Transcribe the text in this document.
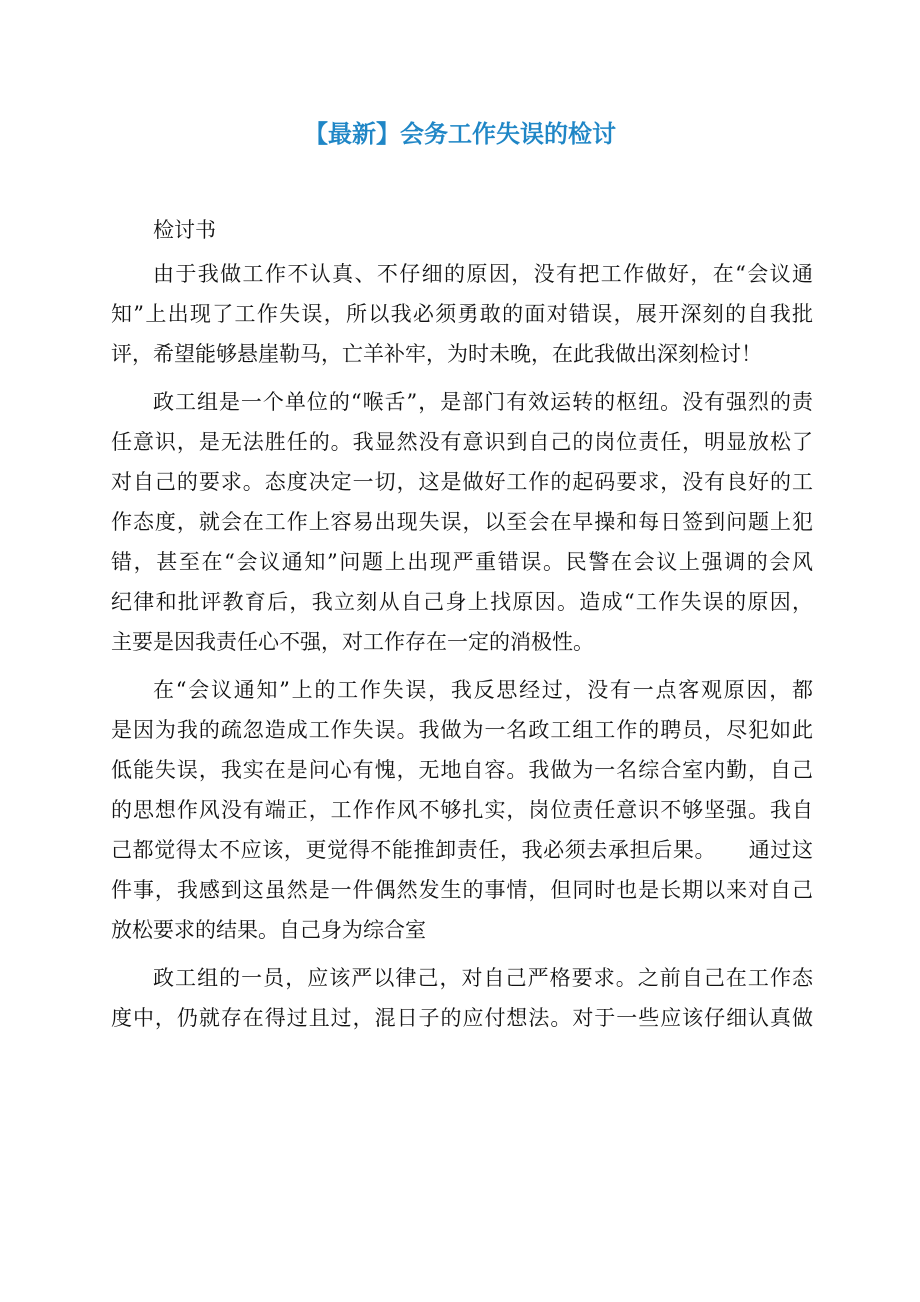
【最新】会务工作失误的检讨
检讨书
由于我做工作不认真、不仔细的原因，没有把工作做好，在“会议通
知”上出现了工作失误，所以我必须勇敢的面对错误，展开深刻的自我批
评，希望能够悬崖勒马，亡羊补牢，为时未晚，在此我做出深刻检讨！
政工组是一个单位的“喉舌”，是部门有效运转的枢纽。没有强烈的责
任意识，是无法胜任的。我显然没有意识到自己的岗位责任，明显放松了
对自己的要求。态度决定一切，这是做好工作的起码要求，没有良好的工
作态度，就会在工作上容易出现失误，以至会在早操和每日签到问题上犯
错，甚至在“会议通知”问题上出现严重错误。民警在会议上强调的会风
纪律和批评教育后，我立刻从自己身上找原因。造成“工作失误的原因，
主要是因我责任心不强，对工作存在一定的消极性。
在“会议通知”上的工作失误，我反思经过，没有一点客观原因，都
是因为我的疏忽造成工作失误。我做为一名政工组工作的聘员，尽犯如此
低能失误，我实在是问心有愧，无地自容。我做为一名综合室内勤，自己
的思想作风没有端正，工作作风不够扎实，岗位责任意识不够坚强。我自
己都觉得太不应该，更觉得不能推卸责任，我必须去承担后果。　　通过这
件事，我感到这虽然是一件偶然发生的事情，但同时也是长期以来对自己
放松要求的结果。自己身为综合室
政工组的一员，应该严以律己，对自己严格要求。之前自己在工作态
度中，仍就存在得过且过，混日子的应付想法。对于一些应该仔细认真做
